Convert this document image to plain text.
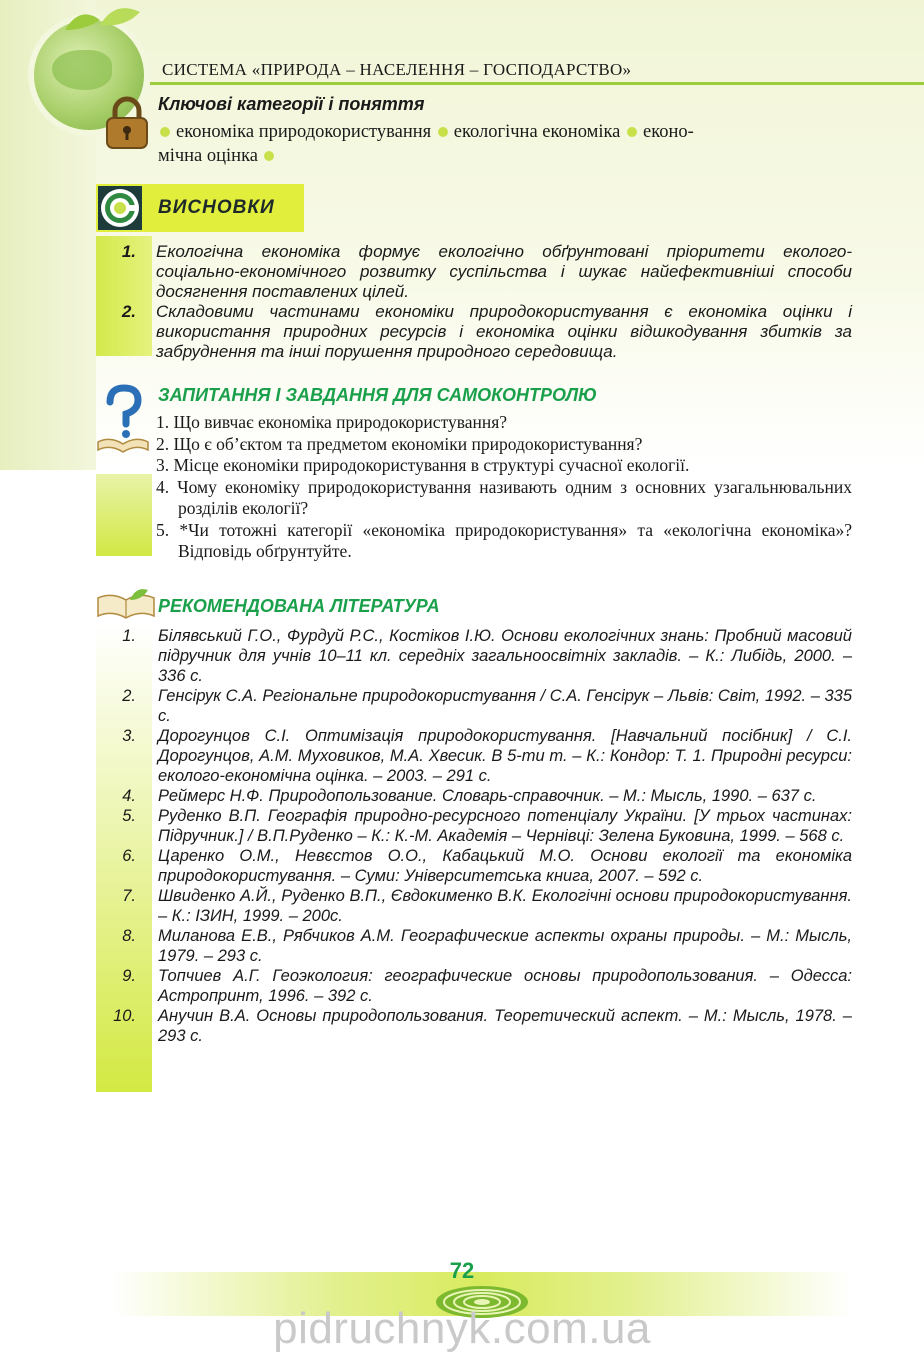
СИСТЕМА «ПРИРОДА – НАСЕЛЕННЯ – ГОСПОДАРСТВО»
Ключові категорії і поняття
економіка природокористування екологічна економіка еконо-
мічна оцінка
ВИСНОВКИ
1. Екологічна економіка формує екологічно обґрунтовані пріоритети еколого-соціально-економічного розвитку суспільства і шукає найефективніші способи досягнення поставлених цілей.
2. Складовими частинами економіки природокористування є економіка оцінки і використання природних ресурсів і економіка оцінки відшкодування збитків за забруднення та інші порушення природного середовища.
ЗАПИТАННЯ І ЗАВДАННЯ ДЛЯ САМОКОНТРОЛЮ
1. Що вивчає економіка природокористування?
2. Що є об’єктом та предметом економіки природокористування?
3. Місце економіки природокористування в структурі сучасної екології.
4. Чому економіку природокористування називають одним з основних узагальнювальних розділів екології?
5. *Чи тотожні категорії «економіка природокористування» та «екологічна економіка»? Відповідь обґрунтуйте.
РЕКОМЕНДОВАНА ЛІТЕРАТУРА
1.	Білявський Г.О., Фурдуй Р.С., Костіков І.Ю. Основи екологічних знань: Пробний масовий підручник для учнів 10–11 кл. середніх загальноосвітніх закладів. – К.: Либідь, 2000. – 336 с.
2.	Генсірук С.А. Регіональне природокористування / С.А. Генсірук – Львів: Світ, 1992. – 335 с.
3.	Дорогунцов С.І. Оптимізація природокористування. [Навчальний посібник] / С.І. Дорогунцов, А.М. Муховиков, М.А. Хвесик. В 5-ти т. – К.: Кондор: Т. 1. Природні ресурси: еколого-економічна оцінка. – 2003. – 291 с.
4.	Реймерс Н.Ф. Природопользование. Словарь-справочник. – М.: Мысль, 1990. – 637 с.
5.	Руденко В.П. Географія природно-ресурсного потенціалу України. [У трьох частинах: Підручник.] / В.П.Руденко – К.: К.-М. Академія – Чернівці: Зелена Буковина, 1999. – 568 с.
6.	Царенко О.М., Невєстов О.О., Кабацький М.О. Основи екології та економіка природокористування. – Суми: Університетська книга, 2007. – 592 с.
7.	Швиденко А.Й., Руденко В.П., Євдокименко В.К. Екологічні основи природокористування. – К.: ІЗИН, 1999. – 200с.
8.	Миланова Е.В., Рябчиков А.М. Географические аспекты охраны природы. – М.: Мысль, 1979. – 293 с.
9.	Топчиев А.Г. Геоэкология: географические основы природопользования. – Одесса: Астропринт, 1996. – 392 с.
10.	Анучин В.А. Основы природопользования. Теоретический аспект. – М.: Мысль, 1978. – 293 с.
72
pidruchnyk.com.ua
